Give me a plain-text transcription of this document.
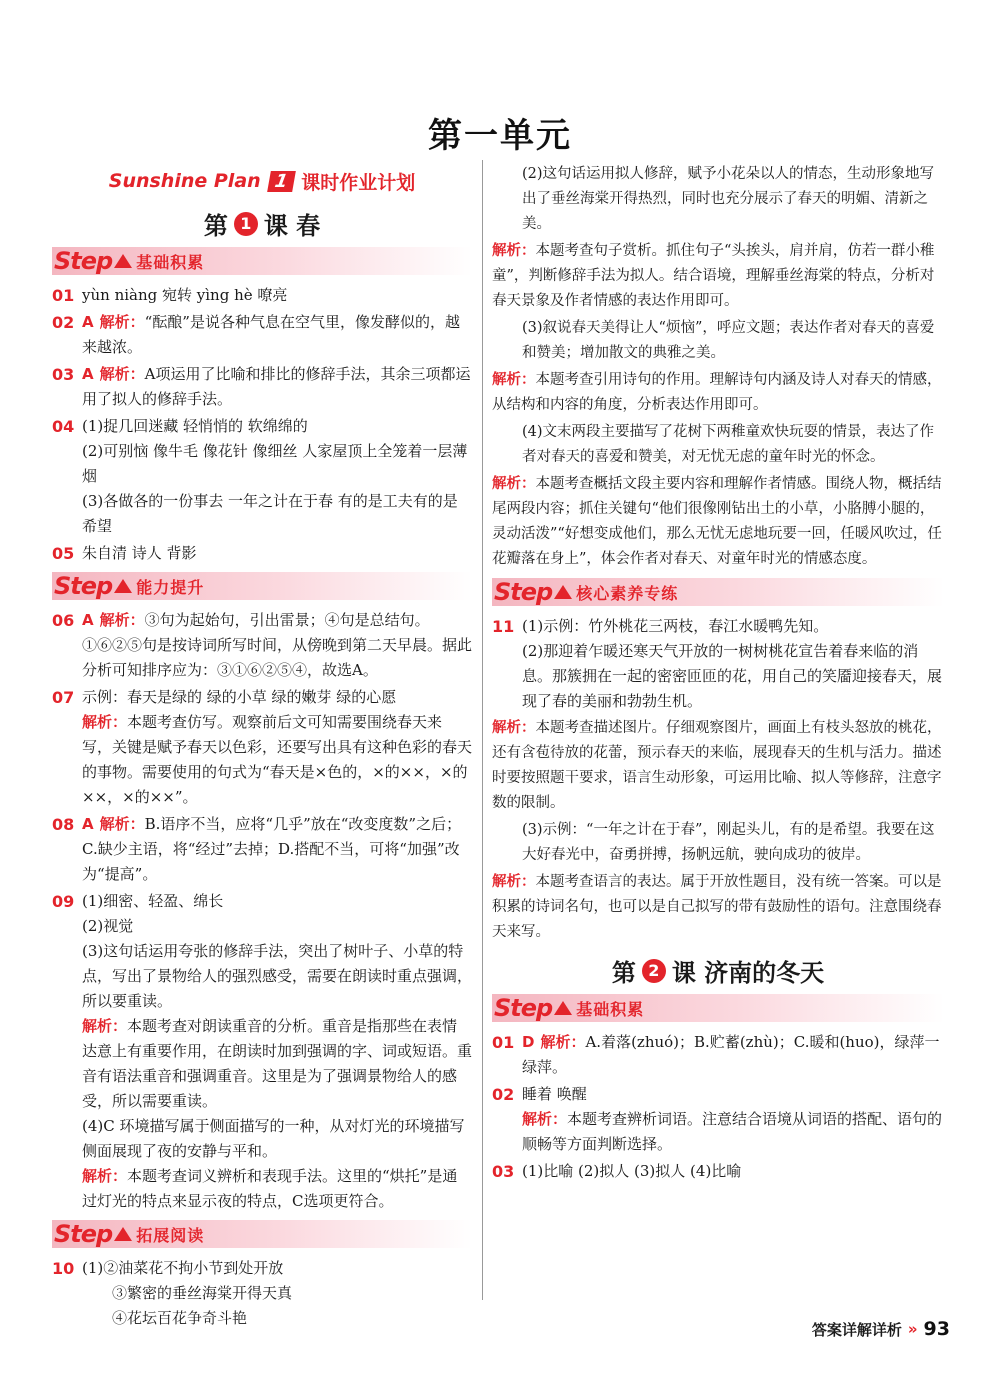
第一单元
Sunshine Plan 1 课时作业计划
第 1 课 春
Step 基础积累
01 yùn niàng 宛转 yìng hè 嘹亮
02 A 解析：“酝酿”是说各种气息在空气里，像发酵似的，越来越浓。
03 A 解析：A项运用了比喻和排比的修辞手法，其余三项都运用了拟人的修辞手法。
04 (1)捉几回迷藏 轻悄悄的 软绵绵的
(2)可别恼 像牛毛 像花针 像细丝 人家屋顶上全笼着一层薄烟
(3)各做各的一份事去 一年之计在于春 有的是工夫有的是希望
05 朱自清 诗人 背影
Step 能力提升
06 A 解析：③句为起始句，引出雷景；④句是总结句。①⑥②⑤句是按诗词所写时间，从傍晚到第二天早晨。据此分析可知排序应为：③①⑥②⑤④，故选A。
07 示例：春天是绿的 绿的小草 绿的嫩芽 绿的心愿
解析：本题考查仿写。观察前后文可知需要围绕春天来写，关键是赋予春天以色彩，还要写出具有这种色彩的春天的事物。需要使用的句式为“春天是×色的，×的××，×的××，×的××”。
08 A 解析：B.语序不当，应将“几乎”放在“改变度数”之后；C.缺少主语，将“经过”去掉；D.搭配不当，可将“加强”改为“提高”。
09 (1)细密、轻盈、绵长
(2)视觉
(3)这句话运用夸张的修辞手法，突出了树叶子、小草的特点，写出了景物给人的强烈感受，需要在朗读时重点强调，所以要重读。
解析：本题考查对朗读重音的分析。重音是指那些在表情达意上有重要作用，在朗读时加到强调的字、词或短语。重音有语法重音和强调重音。这里是为了强调景物给人的感受，所以需要重读。
(4)C 环境描写属于侧面描写的一种，从对灯光的环境描写侧面展现了夜的安静与平和。
解析：本题考查词义辨析和表现手法。这里的“烘托”是通过灯光的特点来显示夜的特点，C选项更符合。
Step 拓展阅读
10 (1)②油菜花不拘小节到处开放
③繁密的垂丝海棠开得天真
④花坛百花争奇斗艳
(2)这句话运用拟人修辞，赋予小花朵以人的情态，生动形象地写出了垂丝海棠开得热烈，同时也充分展示了春天的明媚、清新之美。
解析：本题考查句子赏析。抓住句子“头挨头，肩并肩，仿若一群小稚童”，判断修辞手法为拟人。结合语境，理解垂丝海棠的特点，分析对春天景象及作者情感的表达作用即可。
(3)叙说春天美得让人“烦恼”，呼应文题；表达作者对春天的喜爱和赞美；增加散文的典雅之美。
解析：本题考查引用诗句的作用。理解诗句内涵及诗人对春天的情感，从结构和内容的角度，分析表达作用即可。
(4)文末两段主要描写了花树下两稚童欢快玩耍的情景，表达了作者对春天的喜爱和赞美，对无忧无虑的童年时光的怀念。
解析：本题考查概括文段主要内容和理解作者情感。围绕人物，概括结尾两段内容；抓住关键句“他们很像刚钻出土的小草，小胳膊小腿的，灵动活泼”“好想变成他们，那么无忧无虑地玩要一回，任暖风吹过，任花瓣落在身上”，体会作者对春天、对童年时光的情感态度。
Step 核心素养专练
11 (1)示例：竹外桃花三两枝，春江水暖鸭先知。
(2)那迎着乍暖还寒天气开放的一树树桃花宣告着春来临的消息。那簇拥在一起的密密匝匝的花，用自己的笑靥迎接春天，展现了春的美丽和勃勃生机。
解析：本题考查描述图片。仔细观察图片，画面上有枝头怒放的桃花，还有含苞待放的花蕾，预示春天的来临，展现春天的生机与活力。描述时要按照题干要求，语言生动形象，可运用比喻、拟人等修辞，注意字数的限制。
(3)示例：“一年之计在于春”，刚起头儿，有的是希望。我要在这大好春光中，奋勇拼搏，扬帆远航，驶向成功的彼岸。
解析：本题考查语言的表达。属于开放性题目，没有统一答案。可以是积累的诗词名句，也可以是自己拟写的带有鼓励性的语句。注意围绕春天来写。
第 2 课 济南的冬天
Step 基础积累
01 D 解析：A.着落(zhuó)；B.贮蓄(zhù)；C.暖和(huo)，绿萍一绿萍。
02 睡着 唤醒
解析：本题考查辨析词语。注意结合语境从词语的搭配、语句的顺畅等方面判断选择。
03 (1)比喻 (2)拟人 (3)拟人 (4)比喻
答案详解详析 » 93
